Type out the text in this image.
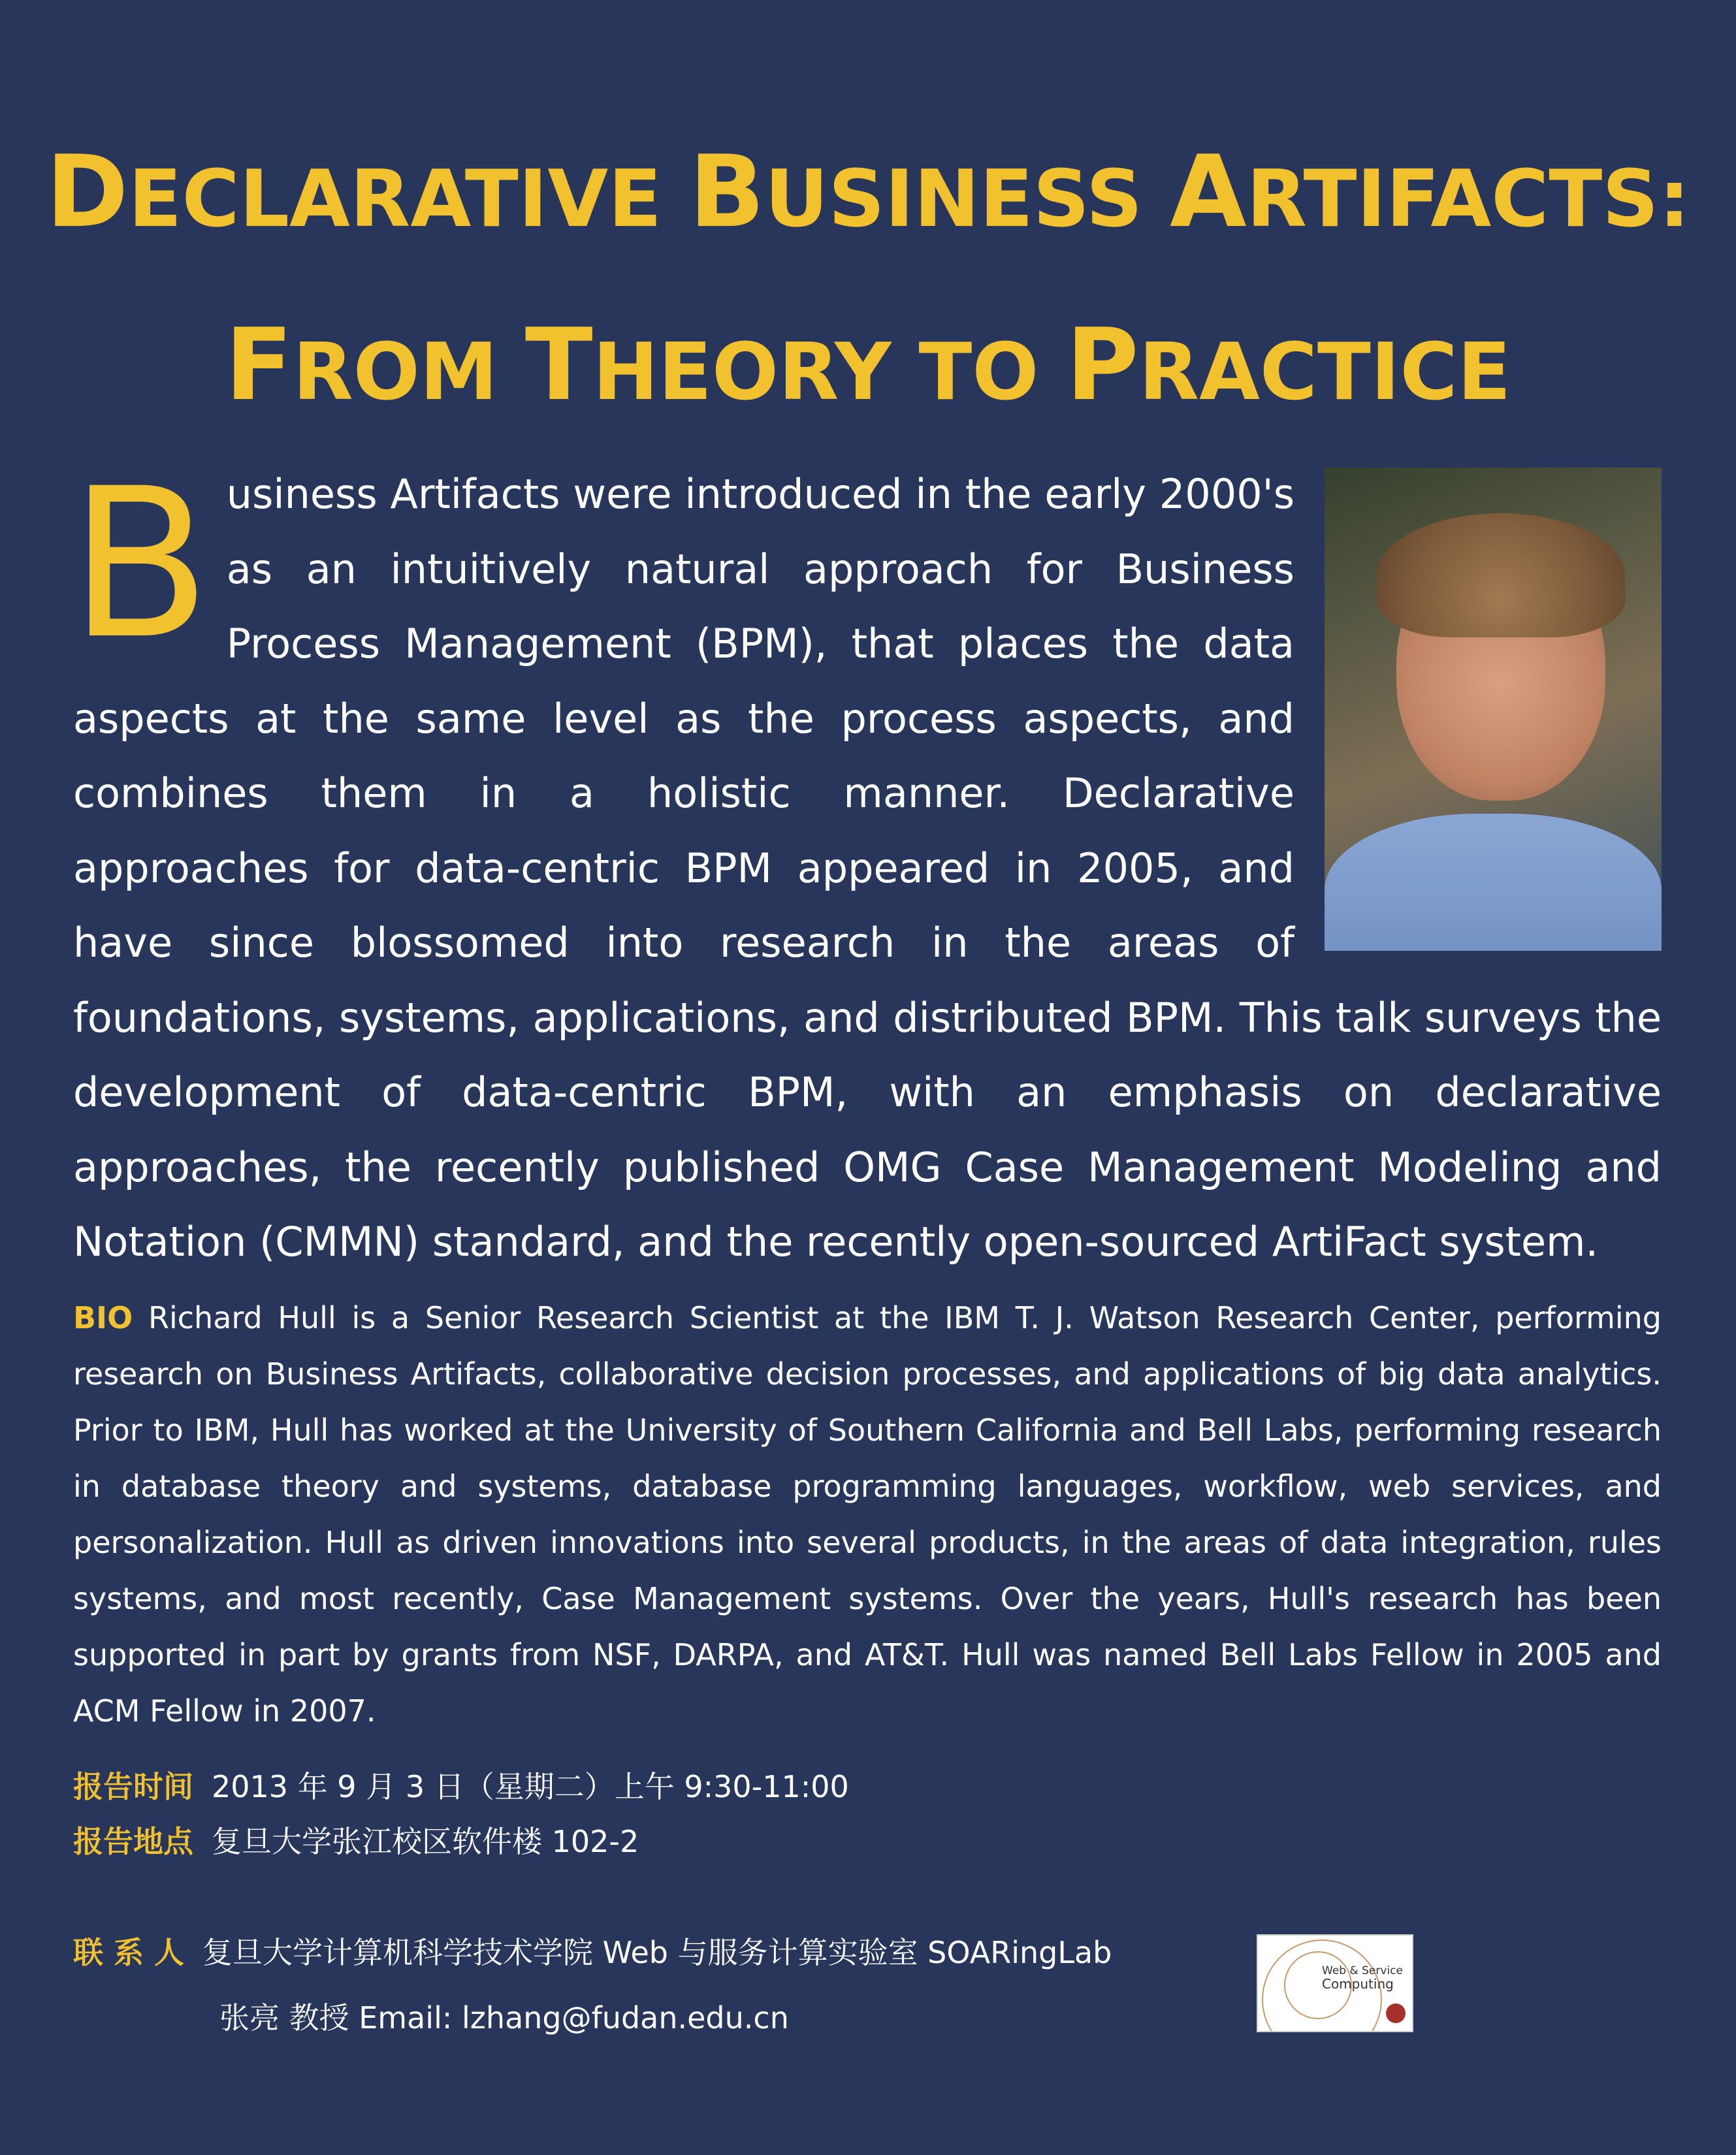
DECLARATIVE BUSINESS ARTIFACTS:
FROM THEORY TO PRACTICE
B usiness Artifacts were introduced in the early 2000's as an intuitively natural approach for Business Process Management (BPM), that places the data aspects at the same level as the process aspects, and combines them in a holistic manner. Declarative approaches for data-centric BPM appeared in 2005, and have since blossomed into research in the areas of foundations, systems, applications, and distributed BPM. This talk surveys the development of data-centric BPM, with an emphasis on declarative approaches, the recently published OMG Case Management Modeling and Notation (CMMN) standard, and the recently open-sourced ArtiFact system.
BIO Richard Hull is a Senior Research Scientist at the IBM T. J. Watson Research Center, performing research on Business Artifacts, collaborative decision processes, and applications of big data analytics. Prior to IBM, Hull has worked at the University of Southern California and Bell Labs, performing research in database theory and systems, database programming languages, workflow, web services, and personalization. Hull as driven innovations into several products, in the areas of data integration, rules systems, and most recently, Case Management systems. Over the years, Hull's research has been supported in part by grants from NSF, DARPA, and AT&T. Hull was named Bell Labs Fellow in 2005 and ACM Fellow in 2007.
报告时间 2013 年 9 月 3 日（星期二）上午 9:30-11:00
报告地点 复旦大学张江校区软件楼 102-2
联 系 人 复旦大学计算机科学技术学院 Web 与服务计算实验室 SOARingLab
张亮 教授 Email: lzhang@fudan.edu.cn
Web & Service
Computing
